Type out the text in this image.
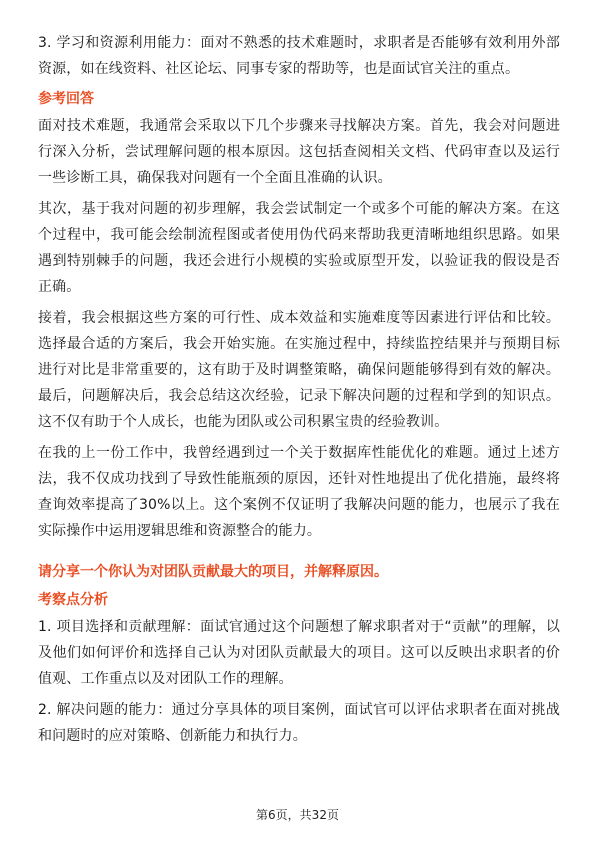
3. 学习和资源利用能力：面对不熟悉的技术难题时，求职者是否能够有效利用外部资源，如在线资料、社区论坛、同事专家的帮助等，也是面试官关注的重点。

参考回答

面对技术难题，我通常会采取以下几个步骤来寻找解决方案。首先，我会对问题进行深入分析，尝试理解问题的根本原因。这包括查阅相关文档、代码审查以及运行一些诊断工具，确保我对问题有一个全面且准确的认识。

其次，基于我对问题的初步理解，我会尝试制定一个或多个可能的解决方案。在这个过程中，我可能会绘制流程图或者使用伪代码来帮助我更清晰地组织思路。如果遇到特别棘手的问题，我还会进行小规模的实验或原型开发，以验证我的假设是否正确。

接着，我会根据这些方案的可行性、成本效益和实施难度等因素进行评估和比较。选择最合适的方案后，我会开始实施。在实施过程中，持续监控结果并与预期目标进行对比是非常重要的，这有助于及时调整策略，确保问题能够得到有效的解决。最后，问题解决后，我会总结这次经验，记录下解决问题的过程和学到的知识点。这不仅有助于个人成长，也能为团队或公司积累宝贵的经验教训。

在我的上一份工作中，我曾经遇到过一个关于数据库性能优化的难题。通过上述方法，我不仅成功找到了导致性能瓶颈的原因，还针对性地提出了优化措施，最终将查询效率提高了30%以上。这个案例不仅证明了我解决问题的能力，也展示了我在实际操作中运用逻辑思维和资源整合的能力。

请分享一个你认为对团队贡献最大的项目，并解释原因。
考察点分析

1. 项目选择和贡献理解：面试官通过这个问题想了解求职者对于“贡献”的理解，以及他们如何评价和选择自己认为对团队贡献最大的项目。这可以反映出求职者的价值观、工作重点以及对团队工作的理解。

2. 解决问题的能力：通过分享具体的项目案例，面试官可以评估求职者在面对挑战和问题时的应对策略、创新能力和执行力。

第6页，共32页
